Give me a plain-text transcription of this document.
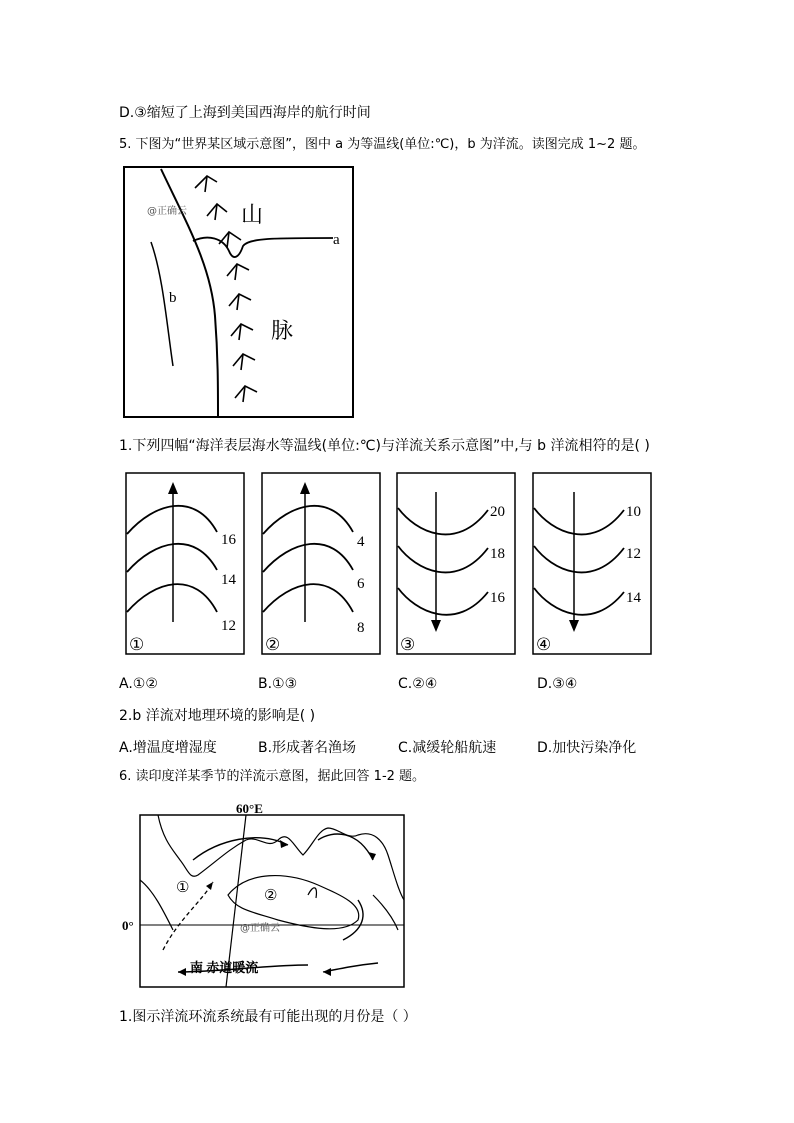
D.③缩短了上海到美国西海岸的航行时间
5. 下图为“世界某区域示意图”，图中 a 为等温线(单位:℃)，b 为洋流。读图完成 1~2 题。
山
脉
a
b
@正确云
1.下列四幅“海洋表层海水等温线(单位:℃)与洋流关系示意图”中,与 b 洋流相符的是( )
16
14
12
①
4
6
8
②
20
18
16
③
10
12
14
④
A.①②	B.①③	C.②④	D.③④
2.b 洋流对地理环境的影响是( )
A.增温度增湿度	B.形成著名渔场	C.减缓轮船航速	D.加快污染净化
6. 读印度洋某季节的洋流示意图，据此回答 1-2 题。
60°E
0°
①	②
南 赤道暖流
@正确云
1.图示洋流环流系统最有可能出现的月份是（ ）
